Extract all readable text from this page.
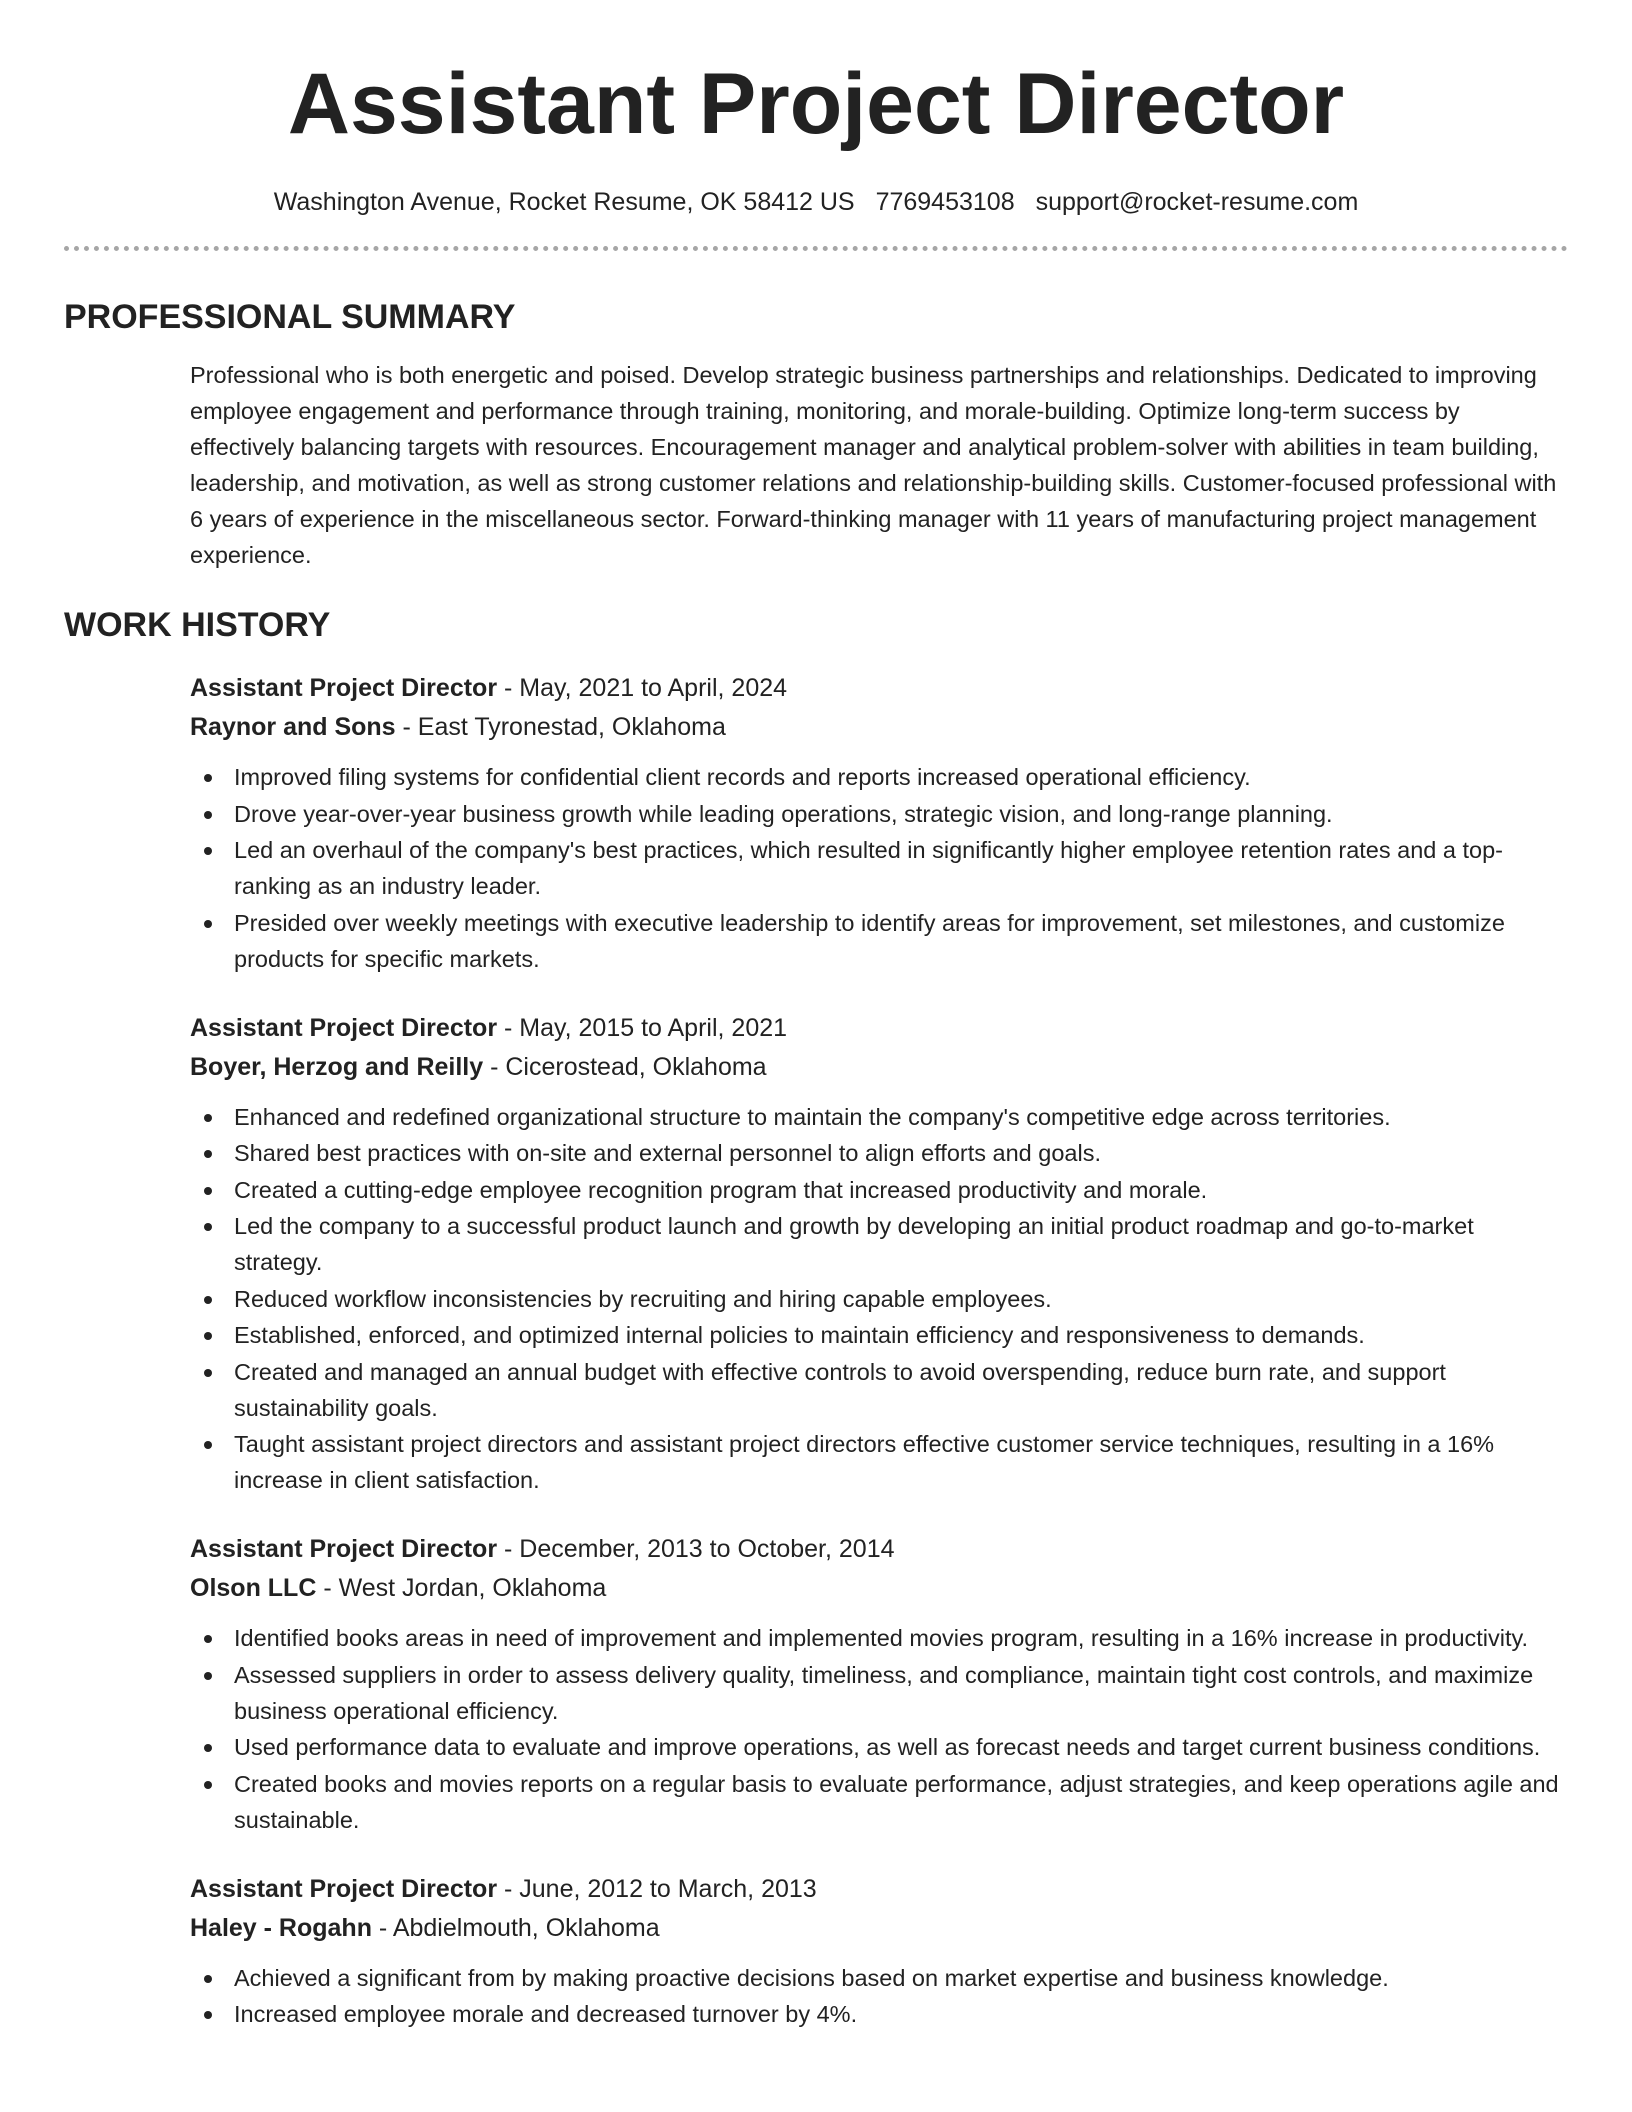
Assistant Project Director
Washington Avenue, Rocket Resume, OK 58412 US 7769453108 support@rocket-resume.com
PROFESSIONAL SUMMARY
Professional who is both energetic and poised. Develop strategic business partnerships and relationships. Dedicated to improving employee engagement and performance through training, monitoring, and morale-building. Optimize long-term success by effectively balancing targets with resources. Encouragement manager and analytical problem-solver with abilities in team building, leadership, and motivation, as well as strong customer relations and relationship-building skills. Customer-focused professional with 6 years of experience in the miscellaneous sector. Forward-thinking manager with 11 years of manufacturing project management experience.
WORK HISTORY
Assistant Project Director - May, 2021 to April, 2024
Raynor and Sons - East Tyronestad, Oklahoma
Improved filing systems for confidential client records and reports increased operational efficiency.
Drove year-over-year business growth while leading operations, strategic vision, and long-range planning.
Led an overhaul of the company's best practices, which resulted in significantly higher employee retention rates and a top-ranking as an industry leader.
Presided over weekly meetings with executive leadership to identify areas for improvement, set milestones, and customize products for specific markets.
Assistant Project Director - May, 2015 to April, 2021
Boyer, Herzog and Reilly - Cicerostead, Oklahoma
Enhanced and redefined organizational structure to maintain the company's competitive edge across territories.
Shared best practices with on-site and external personnel to align efforts and goals.
Created a cutting-edge employee recognition program that increased productivity and morale.
Led the company to a successful product launch and growth by developing an initial product roadmap and go-to-market strategy.
Reduced workflow inconsistencies by recruiting and hiring capable employees.
Established, enforced, and optimized internal policies to maintain efficiency and responsiveness to demands.
Created and managed an annual budget with effective controls to avoid overspending, reduce burn rate, and support sustainability goals.
Taught assistant project directors and assistant project directors effective customer service techniques, resulting in a 16% increase in client satisfaction.
Assistant Project Director - December, 2013 to October, 2014
Olson LLC - West Jordan, Oklahoma
Identified books areas in need of improvement and implemented movies program, resulting in a 16% increase in productivity.
Assessed suppliers in order to assess delivery quality, timeliness, and compliance, maintain tight cost controls, and maximize business operational efficiency.
Used performance data to evaluate and improve operations, as well as forecast needs and target current business conditions.
Created books and movies reports on a regular basis to evaluate performance, adjust strategies, and keep operations agile and sustainable.
Assistant Project Director - June, 2012 to March, 2013
Haley - Rogahn - Abdielmouth, Oklahoma
Achieved a significant from by making proactive decisions based on market expertise and business knowledge.
Increased employee morale and decreased turnover by 4%.
